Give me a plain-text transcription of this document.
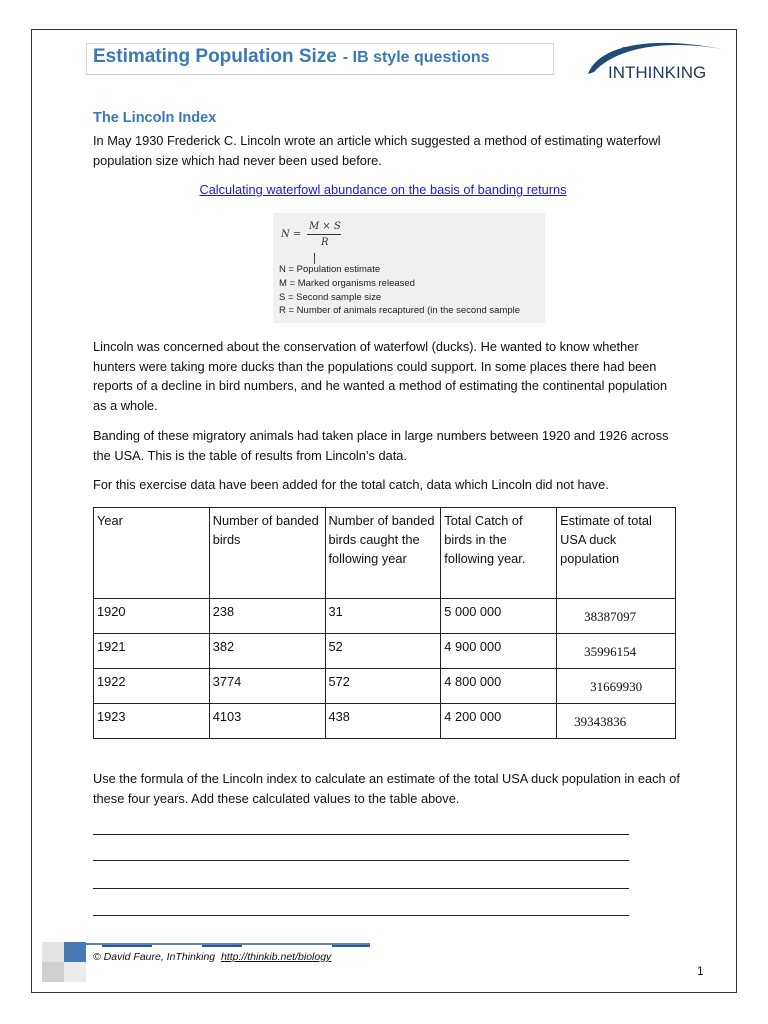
Estimating Population Size - IB style questions
INTHINKING
The Lincoln Index

In May 1930 Frederick C. Lincoln wrote an article which suggested a method of estimating waterfowl population size which had never been used before.

Calculating waterfowl abundance on the basis of banding returns
N =
M × S
R
N = Population estimate
M = Marked organisms released
S = Second sample size
R = Number of animals recaptured (in the second sample

Lincoln was concerned about the conservation of waterfowl (ducks). He wanted to know whether hunters were taking more ducks than the populations could support. In some places there had been reports of a decline in bird numbers, and he wanted a method of estimating the continental population as a whole.

Banding of these migratory animals had taken place in large numbers between 1920 and 1926 across the USA. This is the table of results from Lincoln’s data.

For this exercise data have been added for the total catch, data which Lincoln did not have.

Year	Number of banded birds	Number of banded birds caught the following year	Total Catch of birds in the following year.	Estimate of total USA duck population
1920	238	31	5 000 000	38387097
1921	382	52	4 900 000	35996154
1922	3774	572	4 800 000	31669930
1923	4103	438	4 200 000	39343836

Use the formula of the Lincoln index to calculate an estimate of the total USA duck population in each of these four years. Add these calculated values to the table above.

© David Faure, InThinking http://thinkib.net/biology
1
